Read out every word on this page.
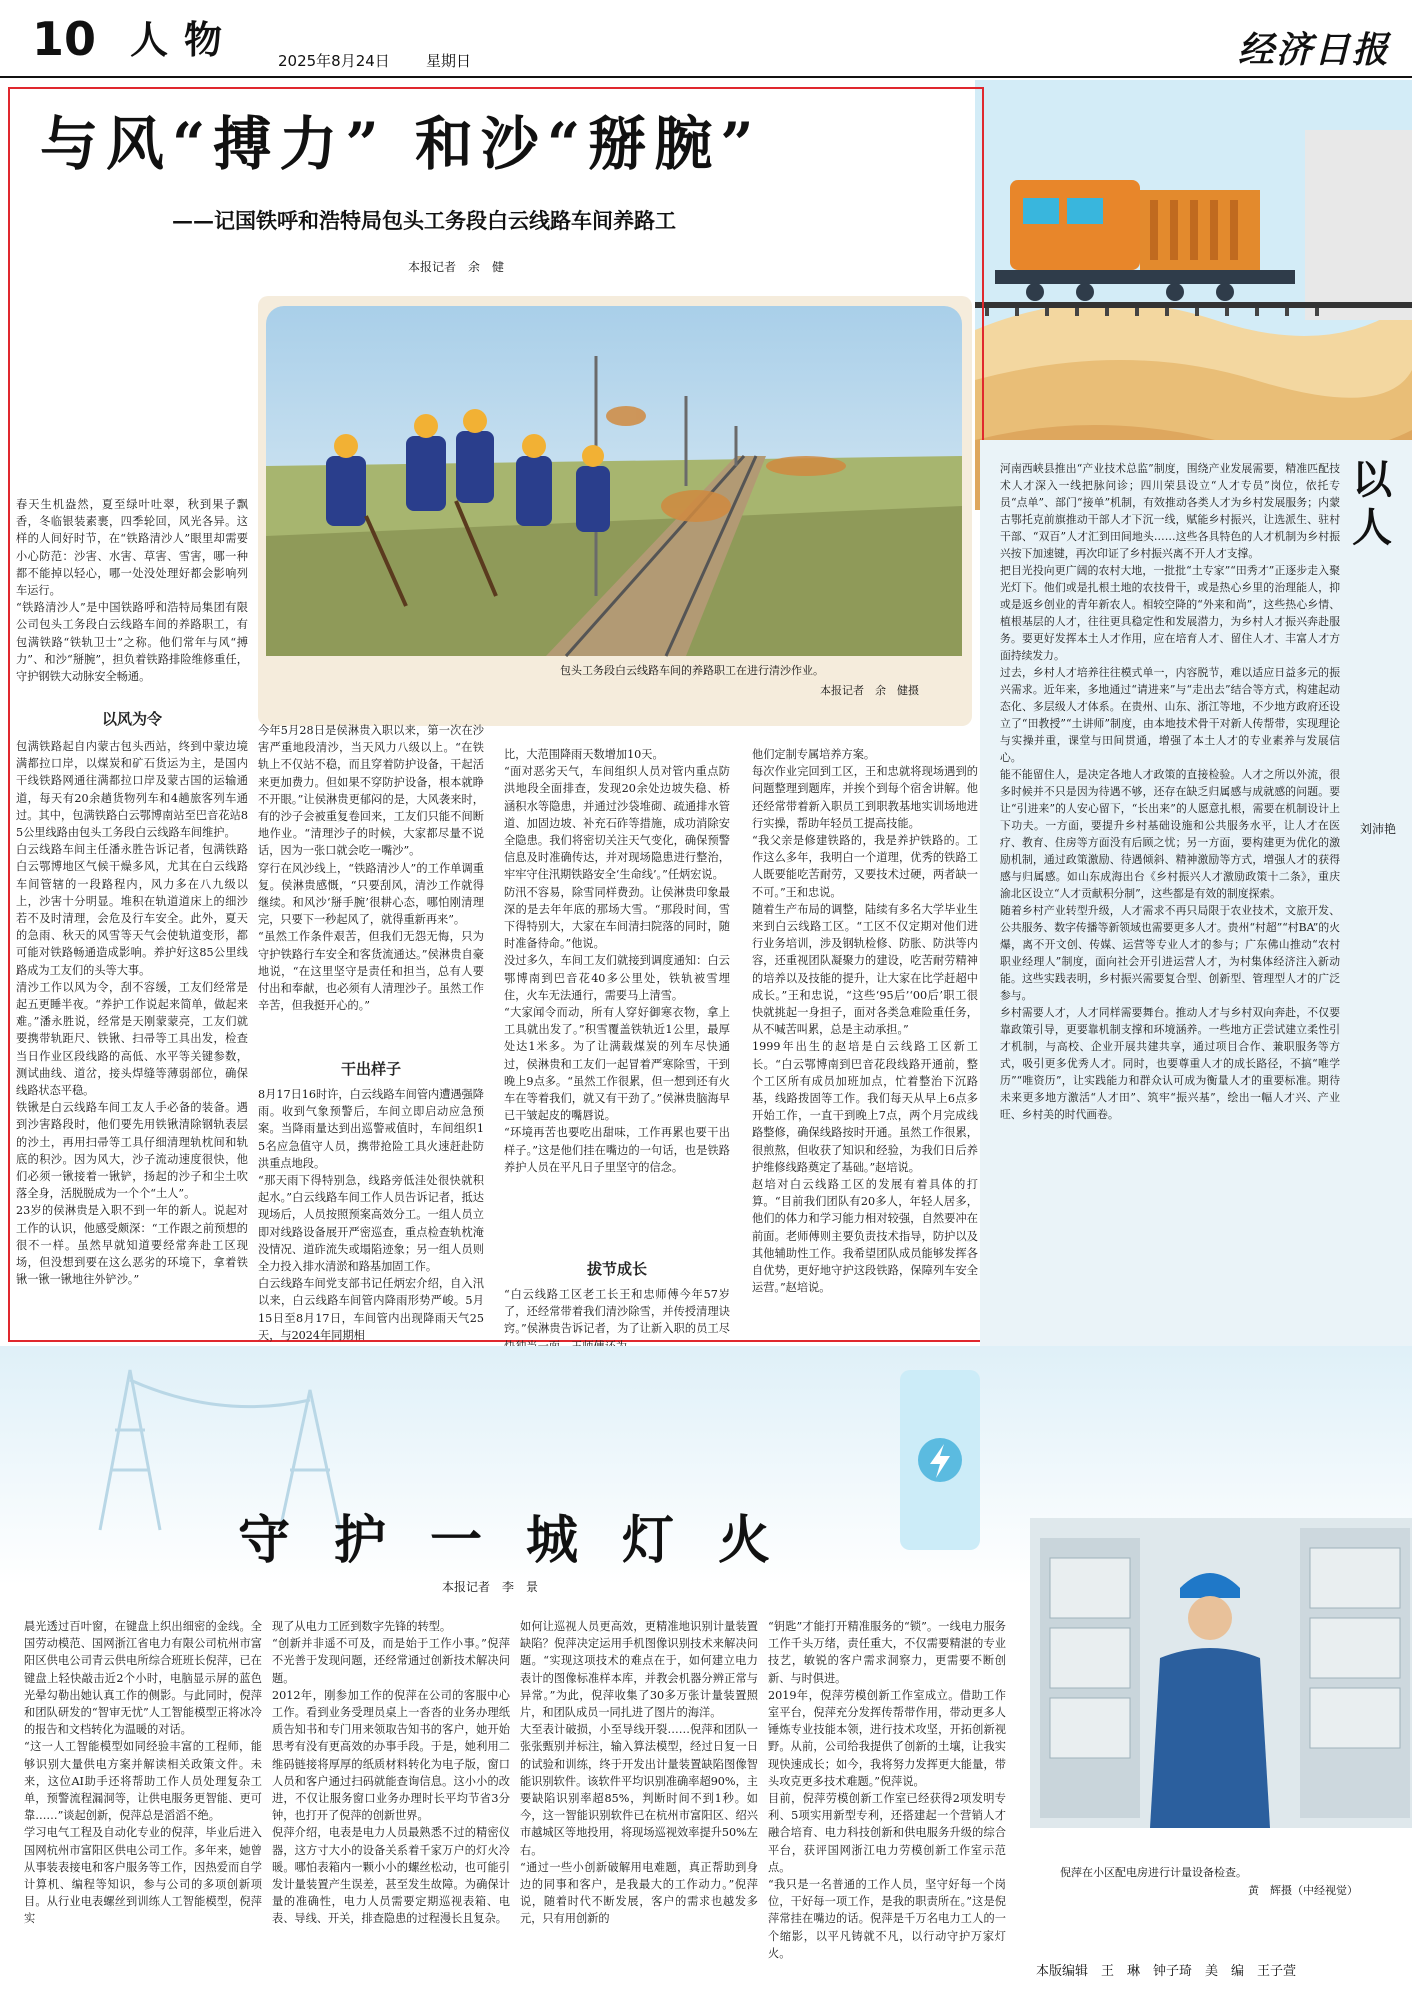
10 人物	2025年8月24日 星期日	经济日报
与风“搏力” 和沙“掰腕”
——记国铁呼和浩特局包头工务段白云线路车间养路工
本报记者　余　健
包头工务段白云线路车间的养路职工在进行清沙作业。
本报记者　余　健摄
春天生机盎然，夏至绿叶吐翠，秋到果子飘香，冬临银装素裹，四季轮回，风光各异。这样的人间好时节，在“铁路清沙人”眼里却需要小心防范：沙害、水害、草害、雪害，哪一种都不能掉以轻心，哪一处没处理好都会影响列车运行。
“铁路清沙人”是中国铁路呼和浩特局集团有限公司包头工务段白云线路车间的养路职工，有包满铁路“铁轨卫士”之称。他们常年与风“搏力”、和沙“掰腕”，担负着铁路排险维修重任，守护钢铁大动脉安全畅通。
以风为令
包满铁路起自内蒙古包头西站，终到中蒙边境满都拉口岸，以煤炭和矿石货运为主，是国内干线铁路网通往满都拉口岸及蒙古国的运输通道，每天有20余趟货物列车和4趟旅客列车通过。其中，包满铁路白云鄂博南站至巴音花站85公里线路由包头工务段白云线路车间维护。
白云线路车间主任潘永胜告诉记者，包满铁路白云鄂博地区气候干燥多风，尤其在白云线路车间管辖的一段路程内，风力多在八九级以上，沙害十分明显。堆积在轨道道床上的细沙若不及时清理，会危及行车安全。此外，夏天的急雨、秋天的风雪等天气会使轨道变形，都可能对铁路畅通造成影响。养护好这85公里线路成为工友们的头等大事。
清沙工作以风为令，刮不容缓，工友们经常是起五更睡半夜。“养护工作说起来简单，做起来难。”潘永胜说，经常是天刚蒙蒙亮，工友们就要携带轨距尺、铁锹、扫帚等工具出发，检查当日作业区段线路的高低、水平等关键参数，测试曲线、道岔，接头焊缝等薄弱部位，确保线路状态平稳。
铁锹是白云线路车间工友人手必备的装备。遇到沙害路段时，他们要先用铁锹清除钢轨表层的沙土，再用扫帚等工具仔细清理轨枕间和轨底的积沙。因为风大，沙子流动速度很快，他们必须一锹接着一锹铲，扬起的沙子和尘土吹落全身，活脱脱成为一个个“土人”。
23岁的侯淋贵是入职不到一年的新人。说起对工作的认识，他感受颇深：“工作跟之前预想的很不一样。虽然早就知道要经常奔赴工区现场，但没想到要在这么恶劣的环境下，拿着铁锹一锹一锹地往外铲沙。”
今年5月28日是侯淋贵入职以来，第一次在沙害严重地段清沙，当天风力八级以上。“在铁轨上不仅站不稳，而且穿着防护设备，干起活来更加费力。但如果不穿防护设备，根本就睁不开眼。”让侯淋贵更郁闷的是，大风袭来时，有的沙子会被重复卷回来，工友们只能不间断地作业。“清理沙子的时候，大家都尽量不说话，因为一张口就会吃一嘴沙”。
穿行在风沙线上，“铁路清沙人”的工作单调重复。侯淋贵感慨，“只要刮风，清沙工作就得继续。和风沙‘掰手腕’很耕心态，哪怕刚清理完，只要下一秒起风了，就得重新再来”。
“虽然工作条件艰苦，但我们无怨无悔，只为守护铁路行车安全和客货流通达。”侯淋贵自豪地说，“在这里坚守是责任和担当，总有人要付出和奉献，也必须有人清理沙子。虽然工作辛苦，但我挺开心的。”
干出样子
8月17日16时许，白云线路车间管内遭遇强降雨。收到气象预警后，车间立即启动应急预案。当降雨量达到出巡警戒值时，车间组织15名应急值守人员，携带抢险工具火速赶赴防洪重点地段。
“那天雨下得特别急，线路旁低洼处很快就积起水。”白云线路车间工作人员告诉记者，抵达现场后，人员按照预案高效分工。一组人员立即对线路设备展开严密巡查，重点检查轨枕淹没情况、道砟流失或塌陷迹象；另一组人员则全力投入排水清淤和路基加固工作。
白云线路车间党支部书记任炳宏介绍，自入汛以来，白云线路车间管内降雨形势严峻。5月15日至8月17日，车间管内出现降雨天气25天，与2024年同期相
比，大范围降雨天数增加10天。
“面对恶劣天气，车间组织人员对管内重点防洪地段全面排查，发现20余处边坡失稳、桥涵积水等隐患，并通过沙袋堆砌、疏通排水管道、加固边坡、补充石砟等措施，成功消除安全隐患。我们将密切关注天气变化，确保预警信息及时准确传达，并对现场隐患进行整治，牢牢守住汛期铁路安全‘生命线’。”任炳宏说。
防汛不容易，除雪同样费劲。让侯淋贵印象最深的是去年年底的那场大雪。“那段时间，雪下得特别大，大家在车间清扫院落的同时，随时准备待命。”他说。
没过多久，车间工友们就接到调度通知：白云鄂博南到巴音花40多公里处，铁轨被雪埋住，火车无法通行，需要马上清雪。
“大家闻令而动，所有人穿好御寒衣物，拿上工具就出发了。”积雪覆盖铁轨近1公里，最厚处达1米多。为了让满载煤炭的列车尽快通过，侯淋贵和工友们一起冒着严寒除雪，干到晚上9点多。“虽然工作很累，但一想到还有火车在等着我们，就又有干劲了。”侯淋贵脑海早已干皱起皮的嘴唇说。
“环境再苦也要吃出甜味，工作再累也要干出样子。”这是他们挂在嘴边的一句话，也是铁路养护人员在平凡日子里坚守的信念。
拔节成长
“白云线路工区老工长王和忠师傅今年57岁了，还经常带着我们清沙除雪，并传授清理诀窍。”侯淋贵告诉记者，为了让新入职的员工尽
他们定制专属培养方案。
每次作业完回到工区，王和忠就将现场遇到的问题整理到题库，并挨个到每个宿舍讲解。他还经常带着新入职员工到职教基地实训场地进行实操，帮助年轻员工提高技能。
“我父亲是修建铁路的，我是养护铁路的。工作这么多年，我明白一个道理，优秀的铁路工人既要能吃苦耐劳，又要技术过硬，两者缺一不可。”王和忠说。
随着生产布局的调整，陆续有多名大学毕业生来到白云线路工区。“工区不仅定期对他们进行业务培训，涉及钢轨检修、防胀、防洪等内容，还重视团队凝聚力的建设，吃苦耐劳精神的培养以及技能的提升，让大家在比学赶超中成长。”王和忠说，“这些‘95后’‘00后’职工很快就挑起一身担子，面对各类急难险重任务，从不喊苦叫累，总是主动承担。”
1999年出生的赵培是白云线路工区新工长。“白云鄂博南到巴音花段线路开通前，整个工区所有成员加班加点，忙着整治下沉路基，线路拨固等工作。我们每天从早上6点多开始工作，一直干到晚上7点，两个月完成线路整修，确保线路按时开通。虽然工作很累，很煎熬，但收获了知识和经验，为我们日后养护维修线路奠定了基础。”赵培说。
赵培对白云线路工区的发展有着具体的打算。“目前我们团队有20多人，年轻人居多，他们的体力和学习能力相对较强，自然要冲在前面。老师傅则主要负责技术指导，防护以及其他辅助性工作。我希望团队成员能够发挥各自优势，更好地守护这段铁路，保障列车安全运营。”赵培说。
以人
河南西峡县推出“产业技术总监”制度，围绕产业发展需要，精准匹配技术人才深入一线把脉问诊；四川荣县设立“人才专员”岗位，依托专员“点单”、部门“接单”机制，有效推动各类人才为乡村发展服务；内蒙古鄂托克前旗推动干部人才下沉一线，赋能乡村振兴，让选派生、驻村干部、“双百”人才汇到田间地头……这些各具特色的人才机制为乡村振兴按下加速键，再次印证了乡村振兴离不开人才支撑。
把目光投向更广阔的农村大地，一批批“土专家”“田秀才”正逐步走入聚光灯下。他们或是扎根土地的农技骨干，或是热心乡里的治理能人，抑或是返乡创业的青年新农人。相较空降的“外来和尚”，这些热心乡情、植根基层的人才，往往更具稳定性和发展潜力，为乡村人才振兴奔赴服务。要更好发挥本土人才作用，应在培育人才、留住人才、丰富人才方面持续发力。
过去，乡村人才培养往往模式单一，内容脱节，难以适应日益多元的振兴需求。近年来，多地通过“请进来”与“走出去”结合等方式，构建起动态化、多层级人才体系。在贵州、山东、浙江等地，不少地方政府还设立了“田教授”“土讲师”制度，由本地技术骨干对新人传帮带，实现理论与实操并重，课堂与田间贯通，增强了本土人才的专业素养与发展信心。
能不能留住人，是决定各地人才政策的直接检验。人才之所以外流，很多时候并不只是因为待遇不够，还存在缺乏归属感与成就感的问题。要让“引进来”的人安心留下，“长出来”的人愿意扎根，需要在机制设计上下功夫。一方面，要提升乡村基础设施和公共服务水平，让人才在医疗、教育、住房等方面没有后顾之忧；另一方面，要构建更为优化的激励机制，通过政策激励、待遇倾斜、精神激励等方式，增强人才的获得感与归属感。如山东成海出台《乡村振兴人才激励政策十二条》，重庆渝北区设立“人才贡献积分制”，这些都是有效的制度探索。
随着乡村产业转型升级，人才需求不再只局限于农业技术，文旅开发、公共服务、数字传播等新领域也需要更多人才。贵州“村超”“村BA”的火爆，离不开文创、传媒、运营等专业人才的参与；广东佛山推动“农村职业经理人”制度，面向社会开引进运营人才，为村集体经济注入新动能。这些实践表明，乡村振兴需要复合型、创新型、管理型人才的广泛参与。
乡村需要人才，人才同样需要舞台。推动人才与乡村双向奔赴，不仅要靠政策引导，更要靠机制支撑和环境涵养。一些地方正尝试建立柔性引才机制，与高校、企业开展共建共享，通过项目合作、兼职服务等方式，吸引更多优秀人才。同时，也要尊重人才的成长路径，不搞“唯学历”“唯资历”，让实践能力和群众认可成为衡量人才的重要标准。期待未来更多地方激活“人才田”、筑牢“振兴基”，绘出一幅人才兴、产业旺、乡村美的时代画卷。
刘沛艳
守护一城灯火
本报记者　李　景
倪萍在小区配电房进行计量设备检查。
黄　辉摄（中经视觉）
晨光透过百叶窗，在键盘上织出细密的金线。全国劳动模范、国网浙江省电力有限公司杭州市富阳区供电公司青云供电所综合班班长倪萍，已在键盘上轻快敲击近2个小时，电脑显示屏的蓝色光晕勾勒出她认真工作的侧影。与此同时，倪萍和团队研发的“智审无忧”人工智能模型正将冰冷的报告和文档转化为温暖的对话。
“这一人工智能模型如同经验丰富的工程师，能够识别大量供电方案并解读相关政策文件。未来，这位AI助手还将帮助工作人员处理复杂工单，预警流程漏洞等，让供电服务更智能、更可靠……”谈起创新，倪萍总是滔滔不绝。
学习电气工程及自动化专业的倪萍，毕业后进入国网杭州市富阳区供电公司工作。多年来，她曾从事装表接电和客户服务等工作，因热爱而自学计算机、编程等知识，参与公司的多项创新项目。从行业电表螺丝到训练人工智能模型，倪萍实
现了从电力工匠到数字先锋的转型。
“创新并非遥不可及，而是始于工作小事。”倪萍不光善于发现问题，还经常通过创新技术解决问题。
2012年，刚参加工作的倪萍在公司的客服中心工作。看到业务受理员桌上一沓沓的业务办理纸质告知书和专门用来领取告知书的客户，她开始思考有没有更高效的办事手段。于是，她利用二维码链接将厚厚的纸质材料转化为电子版，窗口人员和客户通过扫码就能查询信息。这小小的改进，不仅让服务窗口业务办理时长平均节省3分钟，也打开了倪萍的创新世界。
倪萍介绍，电表是电力人员最熟悉不过的精密仪器，这方寸大小的设备关系着千家万户的灯火冷暖。哪怕表箱内一颗小小的螺丝松动，也可能引发计量装置产生误差，甚至发生故障。为确保计量的准确性，电力人员需要定期巡视表箱、电表、导线、开关，排查隐患的过程漫长且复杂。
如何让巡视人员更高效，更精准地识别计量装置缺陷？倪萍决定运用手机图像识别技术来解决问题。“实现这项技术的难点在于，如何建立电力表计的图像标准样本库，并教会机器分辨正常与异常。”为此，倪萍收集了30多万张计量装置照片，和团队成员一同扎进了图片的海洋。
大至表计破损，小至导线开裂……倪萍和团队一张张甄别并标注，输入算法模型，经过日复一日的试验和训练，终于开发出计量装置缺陷图像智能识别软件。该软件平均识别准确率超90%，主要缺陷识别率超85%，判断时间不到1秒。如今，这一智能识别软件已在杭州市富阳区、绍兴市越城区等地投用，将现场巡视效率提升50%左右。
“通过一些小创新破解用电难题，真正帮助到身边的同事和客户，是我最大的工作动力。”倪萍说，随着时代不断发展，客户的需求也越发多元，只有用创新的
“钥匙”才能打开精准服务的“锁”。一线电力服务工作千头万绪，责任重大，不仅需要精湛的专业技艺，敏锐的客户需求洞察力，更需要不断创新、与时俱进。
2019年，倪萍劳模创新工作室成立。借助工作室平台，倪萍充分发挥传帮带作用，带动更多人锤炼专业技能本领，进行技术攻坚，开拓创新视野。从前，公司给我提供了创新的土壤，让我实现快速成长；如今，我将努力发挥更大能量，带头攻克更多技术难题。”倪萍说。
目前，倪萍劳模创新工作室已经获得2项发明专利、5项实用新型专利，还搭建起一个营销人才融合培育、电力科技创新和供电服务升级的综合平台，获评国网浙江电力劳模创新工作室示范点。
“我只是一名普通的工作人员，坚守好每一个岗位，干好每一项工作，是我的职责所在。”这是倪萍常挂在嘴边的话。倪萍是千万名电力工人的一个缩影，以平凡铸就不凡，以行动守护万家灯火。
本版编辑　王　琳　钟子琦　美　编　王子萱
